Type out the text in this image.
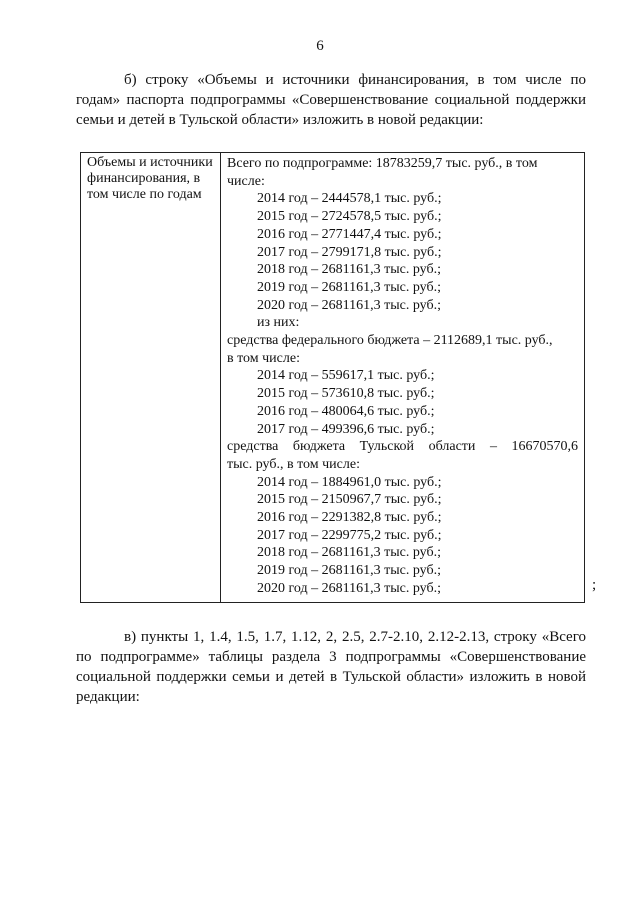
6
б) строку «Объемы и источники финансирования, в том числе по годам» паспорта подпрограммы «Совершенствование социальной поддержки семьи и детей в Тульской области» изложить в новой редакции:
Объемы и источники финансирования, в том числе по годам
Всего по подпрограмме: 18783259,7 тыс. руб., в том
числе:
2014 год – 2444578,1 тыс. руб.;
2015 год – 2724578,5 тыс. руб.;
2016 год – 2771447,4 тыс. руб.;
2017 год – 2799171,8 тыс. руб.;
2018 год – 2681161,3 тыс. руб.;
2019 год – 2681161,3 тыс. руб.;
2020 год – 2681161,3 тыс. руб.;
из них:
средства федерального бюджета – 2112689,1 тыс. руб.,
в том числе:
2014 год – 559617,1 тыс. руб.;
2015 год – 573610,8 тыс. руб.;
2016 год – 480064,6 тыс. руб.;
2017 год – 499396,6 тыс. руб.;
средства бюджета Тульской области – 16670570,6
тыс. руб., в том числе:
2014 год – 1884961,0 тыс. руб.;
2015 год – 2150967,7 тыс. руб.;
2016 год – 2291382,8 тыс. руб.;
2017 год – 2299775,2 тыс. руб.;
2018 год – 2681161,3 тыс. руб.;
2019 год – 2681161,3 тыс. руб.;
2020 год – 2681161,3 тыс. руб.;	;
в) пункты 1, 1.4, 1.5, 1.7, 1.12, 2, 2.5, 2.7-2.10, 2.12-2.13, строку «Всего по подпрограмме» таблицы раздела 3 подпрограммы «Совершенствование социальной поддержки семьи и детей в Тульской области» изложить в новой редакции:
